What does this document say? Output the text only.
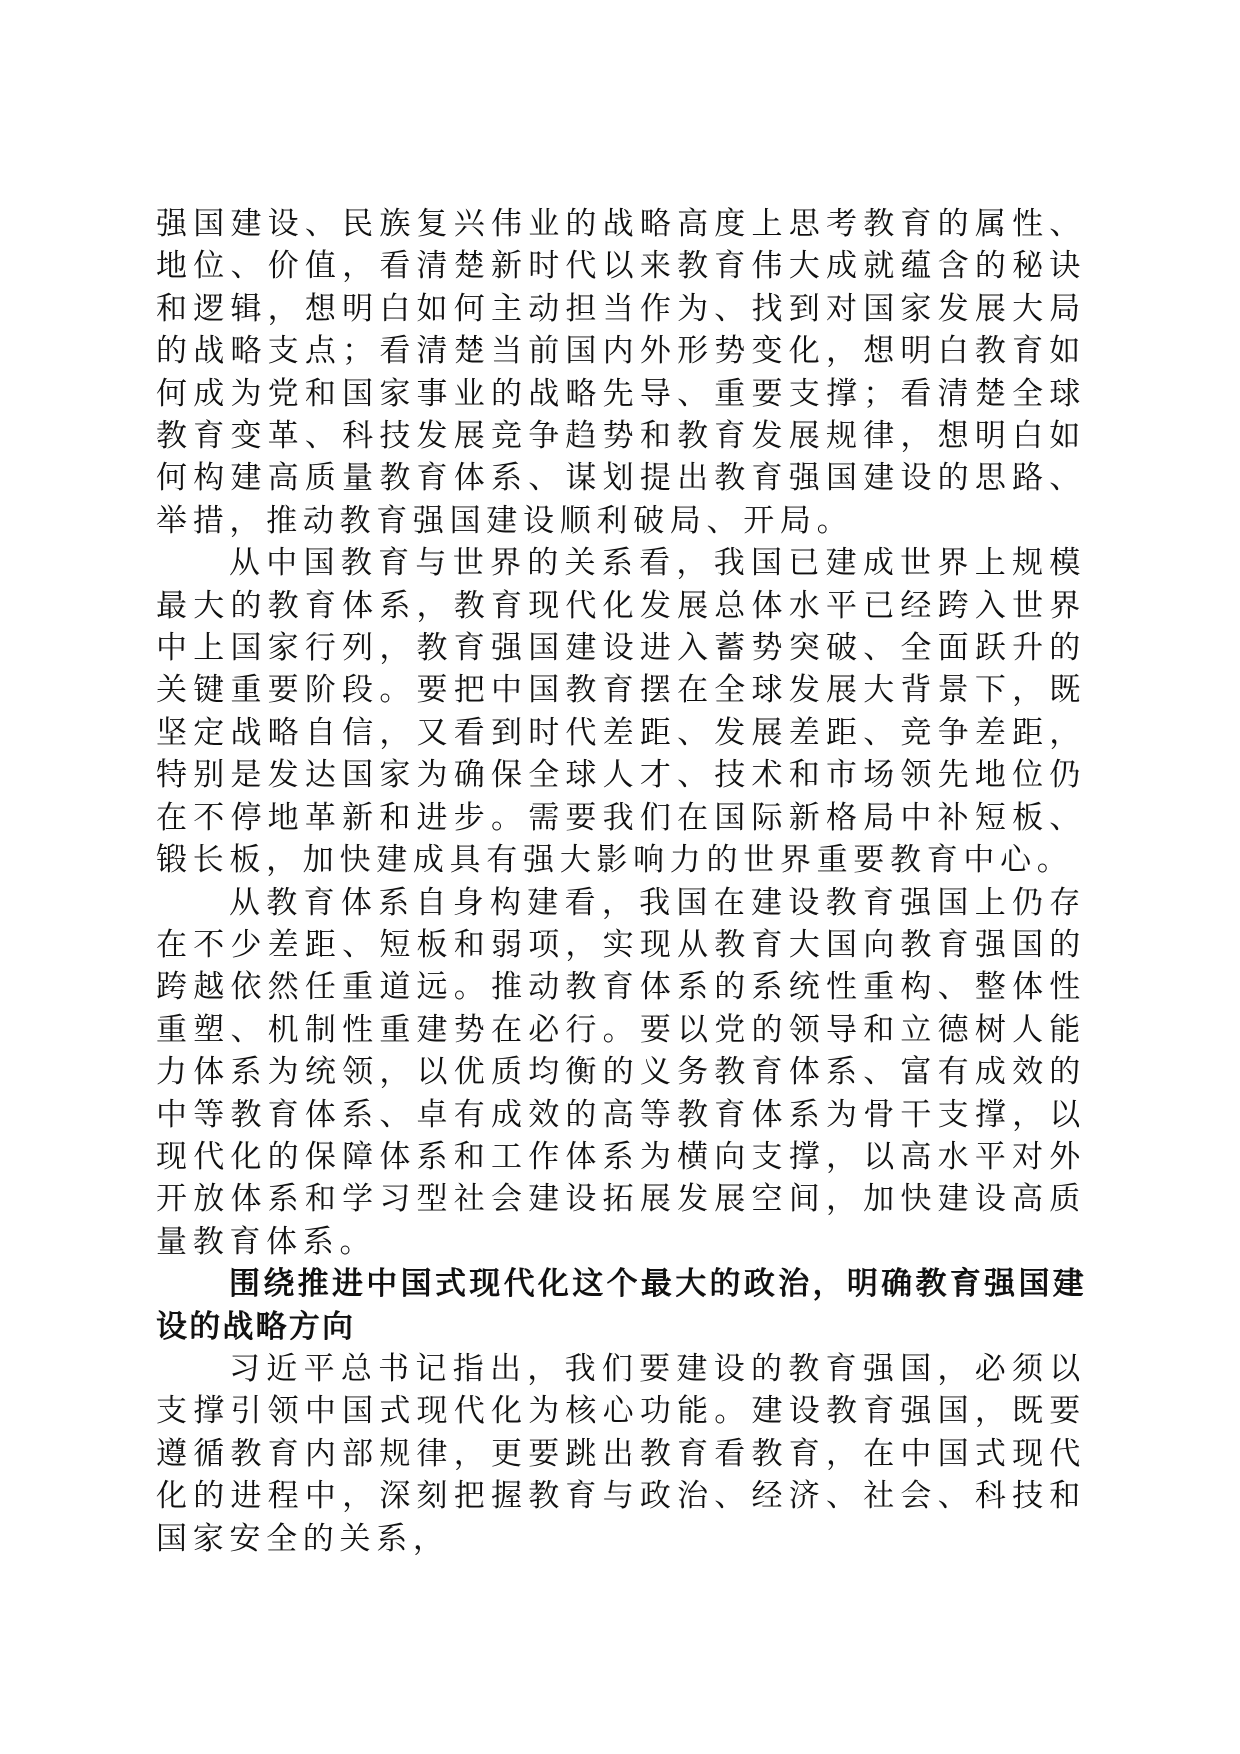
强国建设、民族复兴伟业的战略高度上思考教育的属性、地位、价值，看清楚新时代以来教育伟大成就蕴含的秘诀和逻辑，想明白如何主动担当作为、找到对国家发展大局的战略支点；看清楚当前国内外形势变化，想明白教育如何成为党和国家事业的战略先导、重要支撑；看清楚全球教育变革、科技发展竞争趋势和教育发展规律，想明白如何构建高质量教育体系、谋划提出教育强国建设的思路、举措，推动教育强国建设顺利破局、开局。

从中国教育与世界的关系看，我国已建成世界上规模最大的教育体系，教育现代化发展总体水平已经跨入世界中上国家行列，教育强国建设进入蓄势突破、全面跃升的关键重要阶段。要把中国教育摆在全球发展大背景下，既坚定战略自信，又看到时代差距、发展差距、竞争差距，特别是发达国家为确保全球人才、技术和市场领先地位仍在不停地革新和进步。需要我们在国际新格局中补短板、锻长板，加快建成具有强大影响力的世界重要教育中心。

从教育体系自身构建看，我国在建设教育强国上仍存在不少差距、短板和弱项，实现从教育大国向教育强国的跨越依然任重道远。推动教育体系的系统性重构、整体性重塑、机制性重建势在必行。要以党的领导和立德树人能力体系为统领，以优质均衡的义务教育体系、富有成效的中等教育体系、卓有成效的高等教育体系为骨干支撑，以现代化的保障体系和工作体系为横向支撑，以高水平对外开放体系和学习型社会建设拓展发展空间，加快建设高质量教育体系。

围绕推进中国式现代化这个最大的政治，明确教育强国建设的战略方向

习近平总书记指出，我们要建设的教育强国，必须以支撑引领中国式现代化为核心功能。建设教育强国，既要遵循教育内部规律，更要跳出教育看教育，在中国式现代化的进程中，深刻把握教育与政治、经济、社会、科技和国家安全的关系，
